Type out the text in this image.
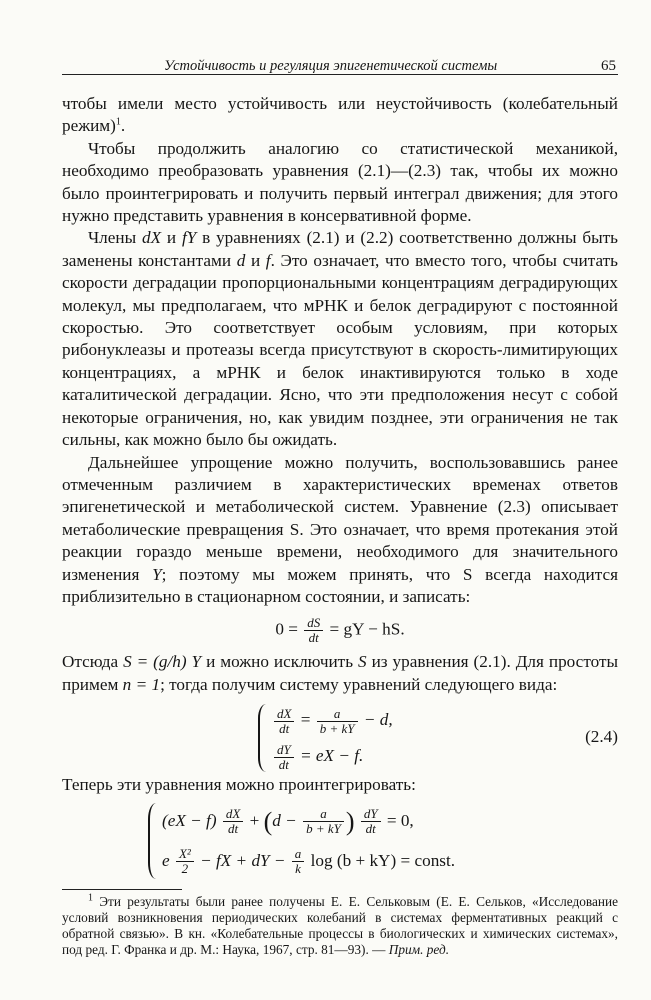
Устойчивость и регуляция эпигенетической системы	65

чтобы имели место устойчивость или неустойчивость (колебательный режим)$^1$.

Чтобы продолжить аналогию со статистической механикой, необходимо преобразовать уравнения (2.1)—(2.3) так, чтобы их можно было проинтегрировать и получить первый интеграл движения; для этого нужно представить уравнения в консервативной форме.

Члены dX и fY в уравнениях (2.1) и (2.2) соответственно должны быть заменены константами d и f. Это означает, что вместо того, чтобы считать скорости деградации пропорциональными концентрациям деградирующих молекул, мы предполагаем, что мРНК и белок деградируют с постоянной скоростью. Это соответствует особым условиям, при которых рибонуклеазы и протеазы всегда присутствуют в скорость-лимитирующих концентрациях, а мРНК и белок инактивируются только в ходе каталитической деградации. Ясно, что эти предположения несут с собой некоторые ограничения, но, как увидим позднее, эти ограничения не так сильны, как можно было бы ожидать.

Дальнейшее упрощение можно получить, воспользовавшись ранее отмеченным различием в характеристических временах ответов эпигенетической и метаболической систем. Уравнение (2.3) описывает метаболические превращения S. Это означает, что время протекания этой реакции гораздо меньше времени, необходимого для значительного изменения Y; поэтому мы можем принять, что S всегда находится приблизительно в стационарном состоянии, и записать:

$0 = \frac{dS}{dt}$ = gY − hS.

Отсюда S = (g/h) Y и можно исключить S из уравнения (2.1). Для простоты примем n = 1; тогда получим систему уравнений следующего вида:

$\frac{dX}{dt} = \frac{a}{b + kY} - d$,
$\frac{dY}{dt}$ = eX − f.
(2.4)

Теперь эти уравнения можно проинтегрировать:

$(eX - f) \frac{dX}{dt} + (d - \frac{a}{b + kY}$ ) $\frac{dY}{dt} = 0$,
e $\frac{\text{X²}}{2}$ − fX + dY − $\frac{a}{k}$ log (b + kY) = const.

$^1$ Эти результаты были ранее получены Е. Е. Сельковым (Е. Е. Сельков, «Исследование условий возникновения периодических колебаний в системах ферментативных реакций с обратной связью». В кн. «Колебательные процессы в биологических и химических системах», под ред. Г. Франка и др. М.: Наука, 1967, стр. 81—93). — Прим. ред.
